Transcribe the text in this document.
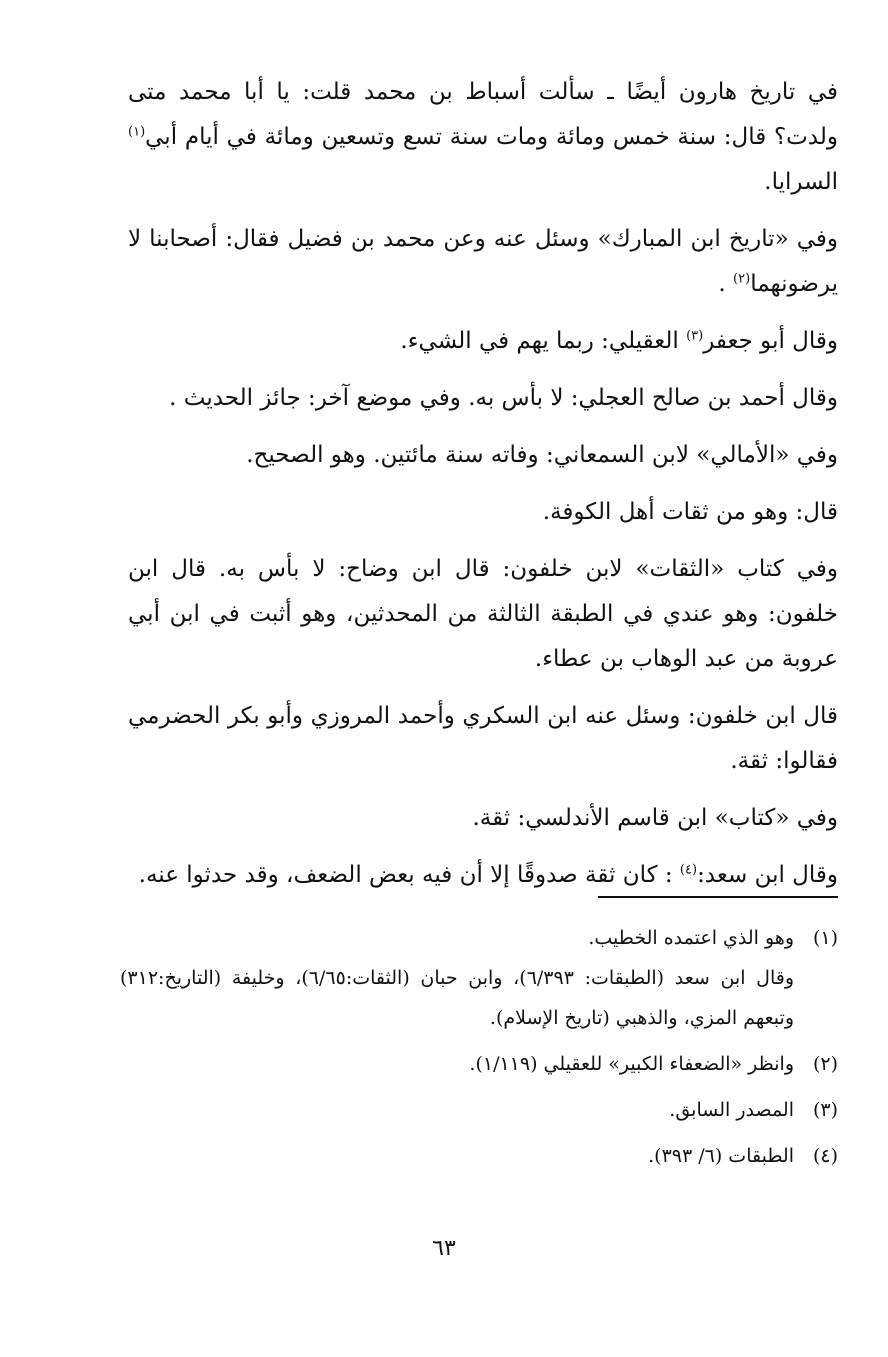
في تاريخ هارون أيضًا ـ سألت أسباط بن محمد قلت: يا أبا محمد متى ولدت؟ قال: سنة خمس ومائة ومات سنة تسع وتسعين ومائة في أيام أبي$^{(١)}$ السرايا.

وفي «تاريخ ابن المبارك» وسئل عنه وعن محمد بن فضيل فقال: أصحابنا لا يرضونهما$^{(٢)}$ .

وقال أبو جعفر$^{(٣)}$ العقيلي: ربما يهم في الشيء.

وقال أحمد بن صالح العجلي: لا بأس به. وفي موضع آخر: جائز الحديث .

وفي «الأمالي» لابن السمعاني: وفاته سنة مائتين. وهو الصحيح.

قال: وهو من ثقات أهل الكوفة.

وفي كتاب «الثقات» لابن خلفون: قال ابن وضاح: لا بأس به. قال ابن خلفون: وهو عندي في الطبقة الثالثة من المحدثين، وهو أثبت في ابن أبي عروبة من عبد الوهاب بن عطاء.

قال ابن خلفون: وسئل عنه ابن السكري وأحمد المروزي وأبو بكر الحضرمي فقالوا: ثقة.

وفي «كتاب» ابن قاسم الأندلسي: ثقة.

وقال ابن سعد:$^{(٤)}$ : كان ثقة صدوقًا إلا أن فيه بعض الضعف، وقد حدثوا عنه.

(١)
وهو الذي اعتمده الخطيب.
وقال ابن سعد (الطبقات: ٦/٣٩٣)، وابن حبان (الثقات:٦/٦٥)، وخليفة (التاريخ:٣١٢) وتبعهم المزي، والذهبي (تاريخ الإسلام).
(٢)
وانظر «الضعفاء الكبير» للعقيلي (١/١١٩).
(٣)
المصدر السابق.
(٤)
الطبقات (٦/ ٣٩٣).
٦٣
